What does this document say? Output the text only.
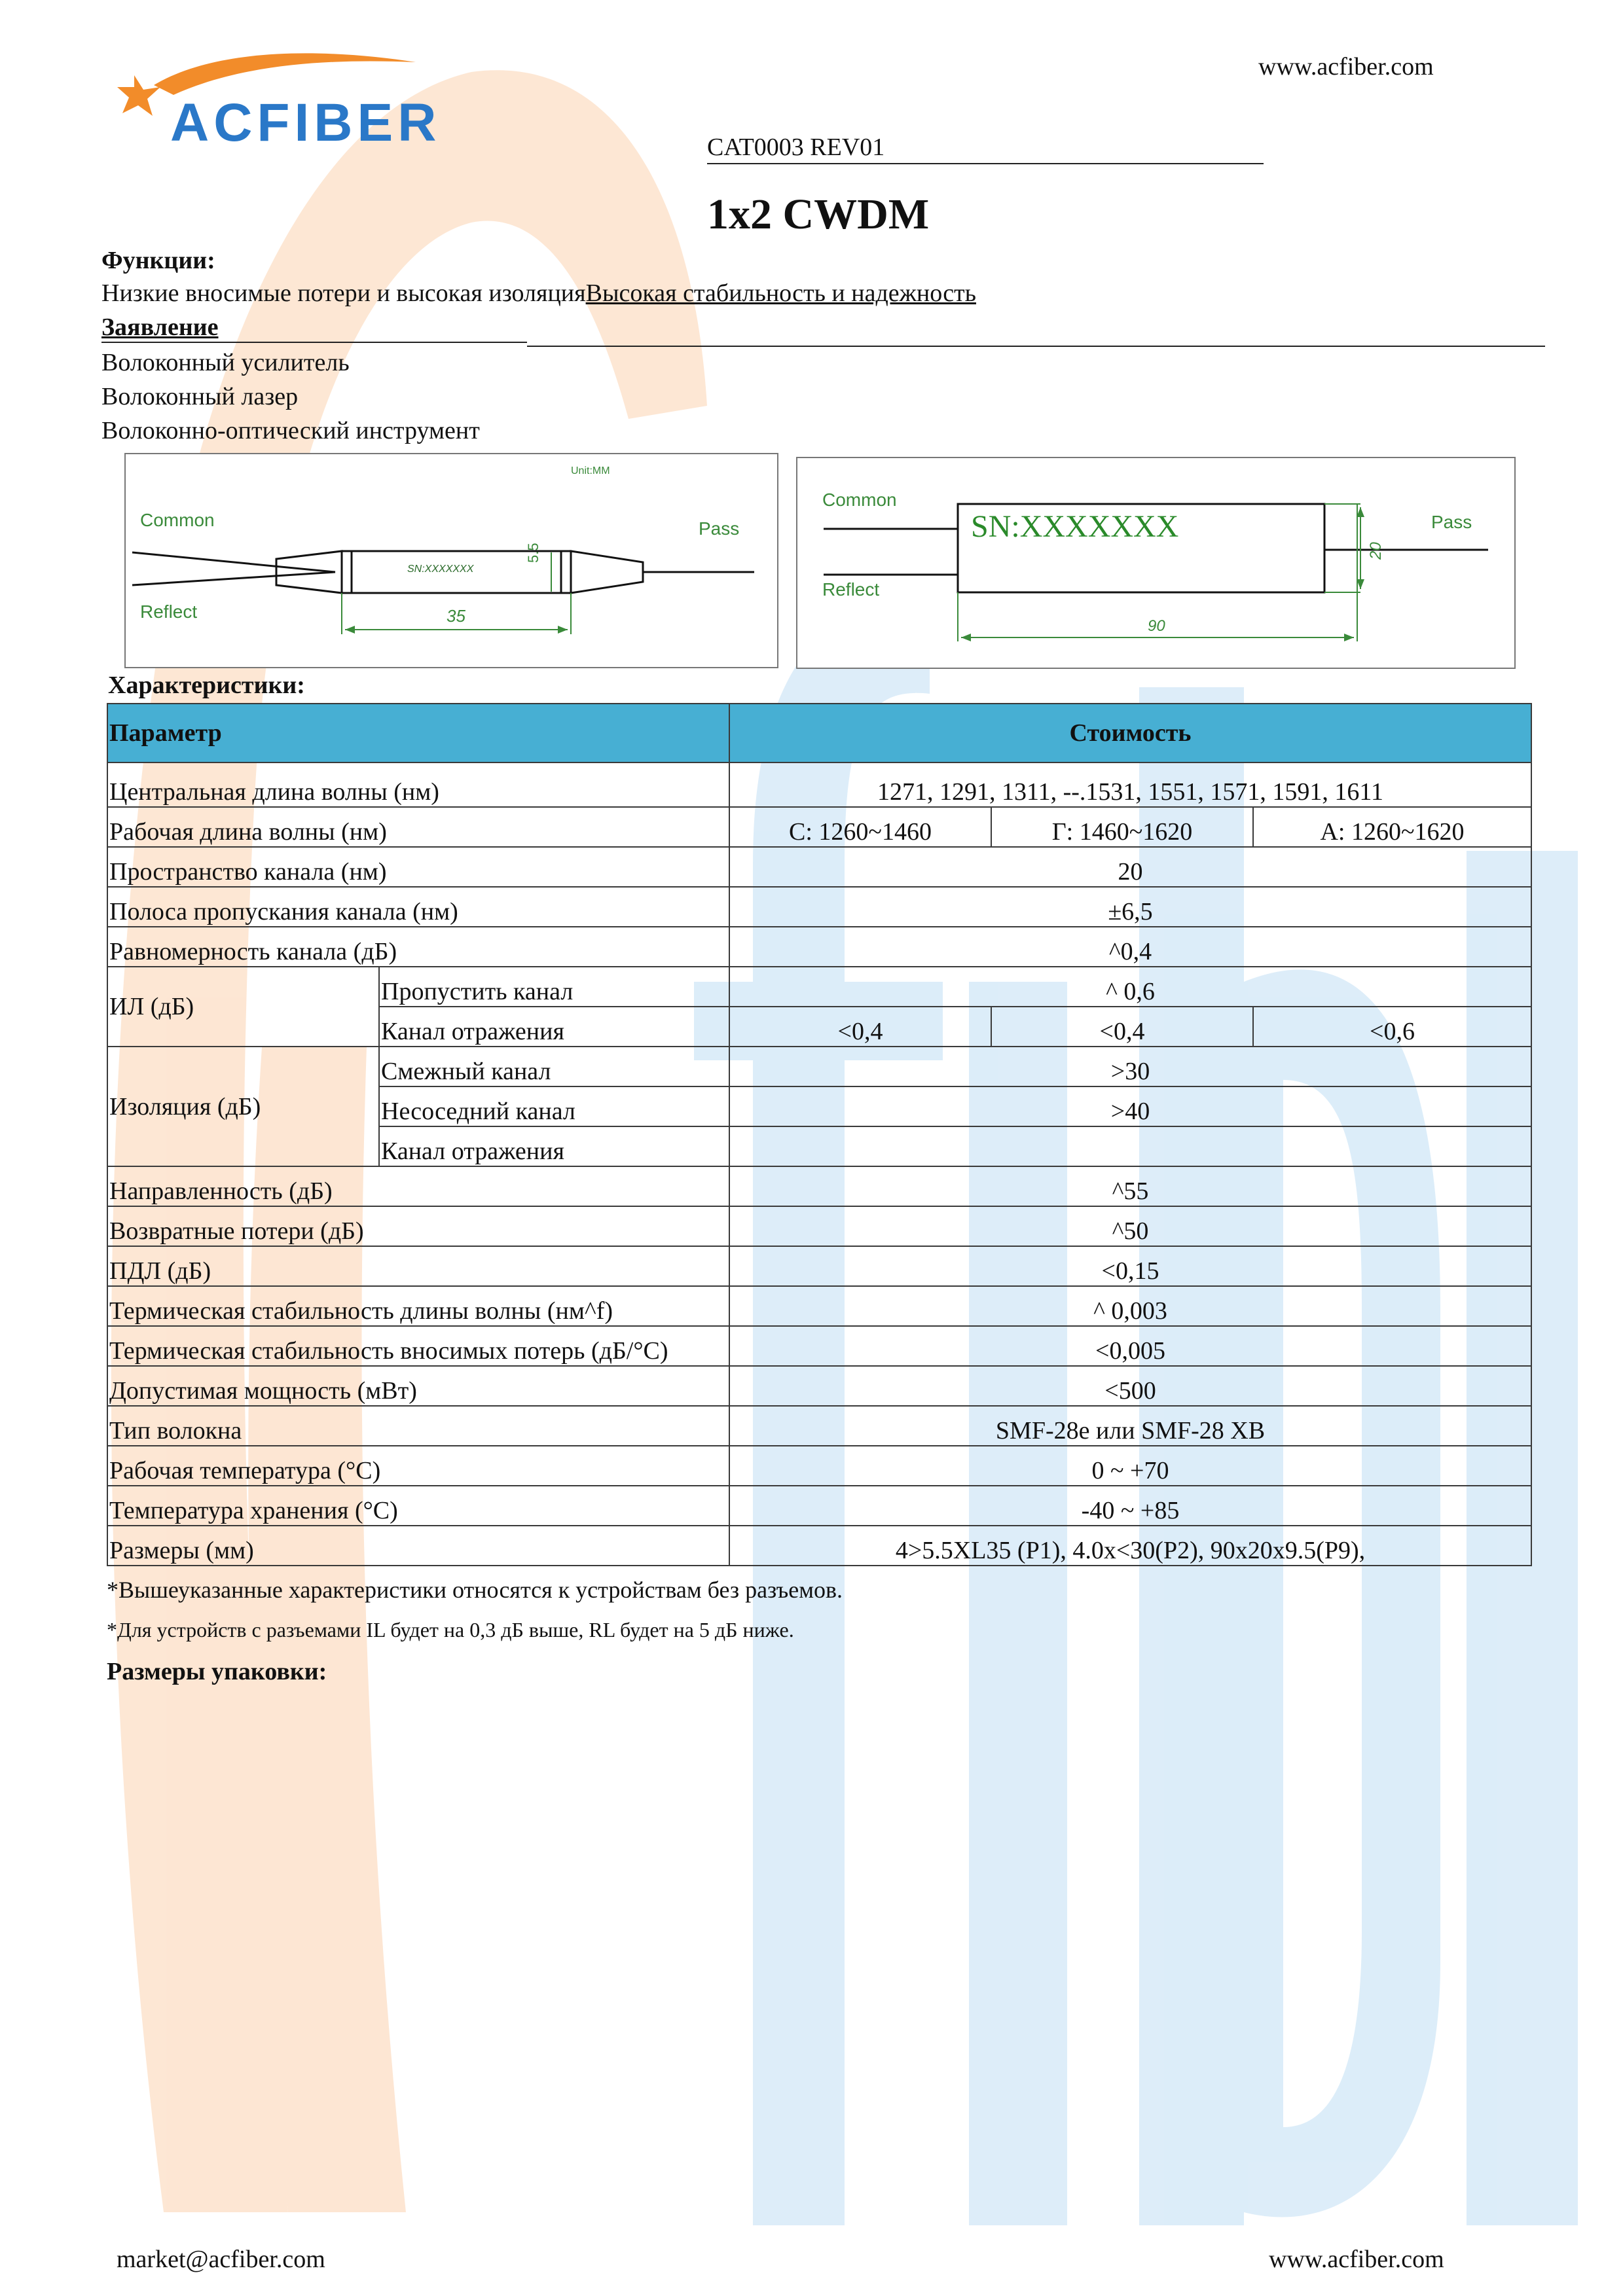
ACFIBER
www.acfiber.com
CAT0003 REV01
1x2 CWDM
Функции:
Низкие вносимые потери и высокая изоляцияВысокая стабильность и надежность
Заявление
Волоконный усилитель
Волоконный лазер
Волоконно-оптический инструмент
Unit:MM
SN:XXXXXXX
Common
Reflect
Pass
35
5.5
SN:XXXXXXX
Common
Reflect
Pass
90
20
Характеристики:
Параметр		Стоимость		
Центральная длина волны (нм)		1271, 1291, 1311, --.1531, 1551, 1571, 1591, 1611		
Рабочая длина волны (нм)		С: 1260~1460	Г: 1460~1620	А: 1260~1620
Пространство канала (нм)		20		
Полоса пропускания канала (нм)		±6,5		
Равномерность канала (дБ)		^0,4		
ИЛ (дБ)	Пропустить канал	^ 0,6		
	Канал отражения	<0,4	<0,4	<0,6
Изоляция (дБ)	Смежный канал	>30		
	Несоседний канал	>40		
	Канал отражения			
Направленность (дБ)		^55		
Возвратные потери (дБ)		^50		
ПДЛ (дБ)		<0,15		
Термическая стабильность длины волны (нм^f)		^ 0,003		
Термическая стабильность вносимых потерь (дБ/°С)		<0,005		
Допустимая мощность (мВт)		<500		
Тип волокна		SMF-28e или SMF-28 XB		
Рабочая температура (°С)		0 ~ +70		
Температура хранения (°С)		-40 ~ +85		
Размеры (мм)		4>5.5XL35 (P1), 4.0x<30(P2), 90x20x9.5(P9),		
*Вышеуказанные характеристики относятся к устройствам без разъемов.
*Для устройств с разъемами IL будет на 0,3 дБ выше, RL будет на 5 дБ ниже.
Размеры упаковки:
market@acfiber.com	www.acfiber.com
